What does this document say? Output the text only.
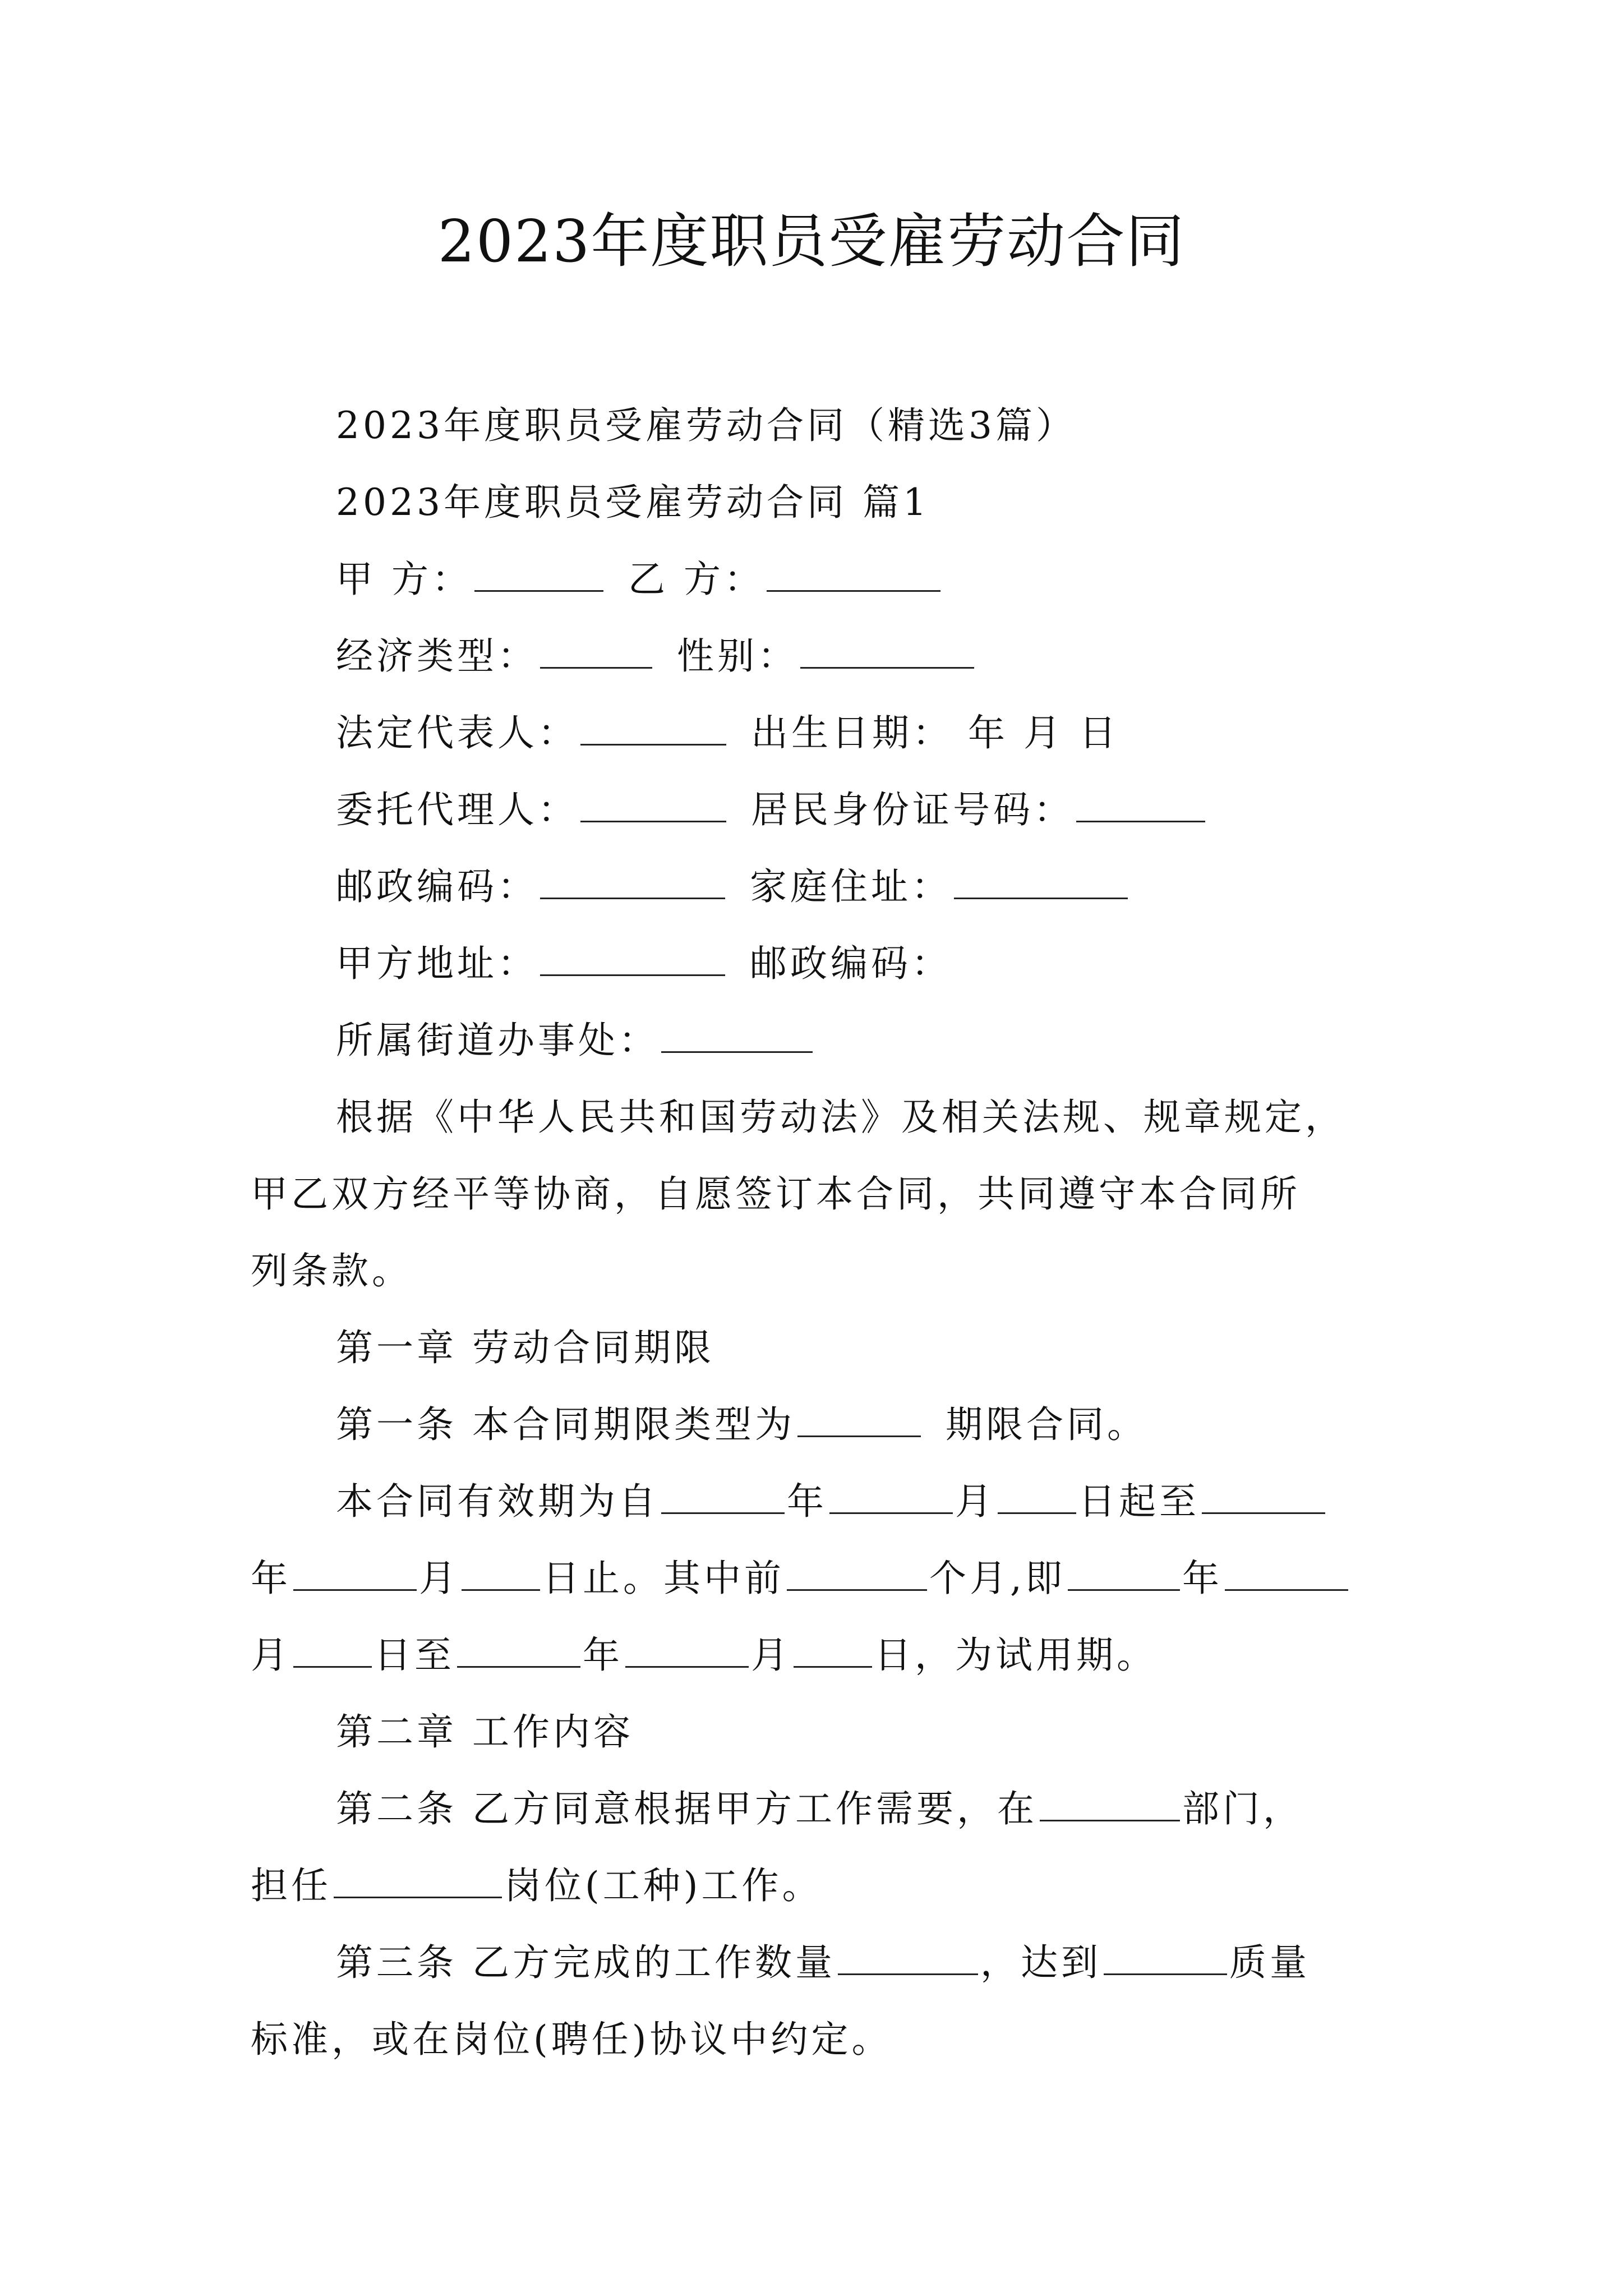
2023年度职员受雇劳动合同
2023年度职员受雇劳动合同（精选3篇）
2023年度职员受雇劳动合同 篇1
甲 方：	乙 方：
经济类型：	性别：
法定代表人：	出生日期： 年 月 日
委托代理人：	居民身份证号码：
邮政编码：	家庭住址：
甲方地址：	邮政编码：
所属街道办事处：
根据《中华人民共和国劳动法》及相关法规、规章规定，
甲乙双方经平等协商，自愿签订本合同，共同遵守本合同所
列条款。
第一章 劳动合同期限
第一条 本合同期限类型为	期限合同。
本合同有效期为自	年	月 日起至
年	月 日止。其中前	个月,即	年
月 日至	年	月 日，为试用期。
第二章 工作内容
第二条 乙方同意根据甲方工作需要，在	部门，
担任	岗位(工种)工作。
第三条 乙方完成的工作数量	，达到	质量
标准，或在岗位(聘任)协议中约定。
